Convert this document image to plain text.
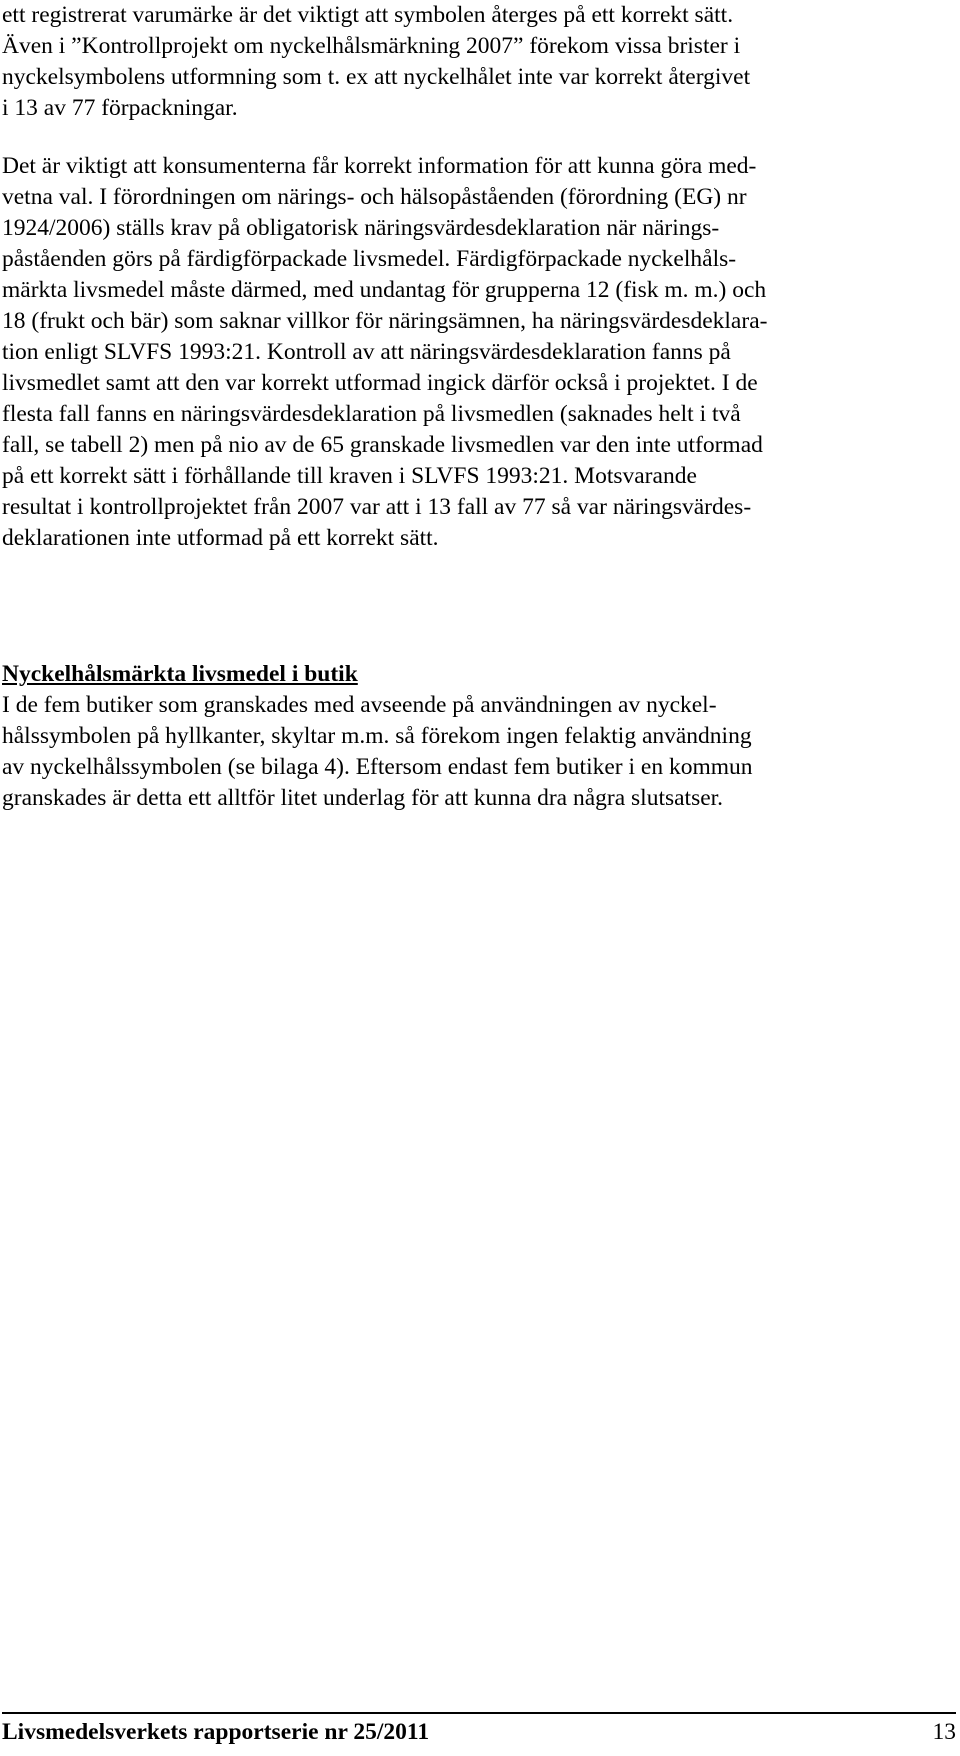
ett registrerat varumärke är det viktigt att symbolen återges på ett korrekt sätt.

Även i ”Kontrollprojekt om nyckelhålsmärkning 2007” förekom vissa brister i

nyckelsymbolens utformning som t. ex att nyckelhålet inte var korrekt återgivet

i 13 av 77 förpackningar.

Det är viktigt att konsumenterna får korrekt information för att kunna göra med-

vetna val. I förordningen om närings- och hälsopåståenden (förordning (EG) nr

1924/2006) ställs krav på obligatorisk näringsvärdesdeklaration när närings-

påståenden görs på färdigförpackade livsmedel. Färdigförpackade nyckelhåls-

märkta livsmedel måste därmed, med undantag för grupperna 12 (fisk m. m.) och

18 (frukt och bär) som saknar villkor för näringsämnen, ha näringsvärdesdeklara-

tion enligt SLVFS 1993:21. Kontroll av att näringsvärdesdeklaration fanns på

livsmedlet samt att den var korrekt utformad ingick därför också i projektet. I de

flesta fall fanns en näringsvärdesdeklaration på livsmedlen (saknades helt i två

fall, se tabell 2) men på nio av de 65 granskade livsmedlen var den inte utformad

på ett korrekt sätt i förhållande till kraven i SLVFS 1993:21. Motsvarande

resultat i kontrollprojektet från 2007 var att i 13 fall av 77 så var näringsvärdes-

deklarationen inte utformad på ett korrekt sätt.

Nyckelhålsmärkta livsmedel i butik

I de fem butiker som granskades med avseende på användningen av nyckel-

hålssymbolen på hyllkanter, skyltar m.m. så förekom ingen felaktig användning

av nyckelhålssymbolen (se bilaga 4). Eftersom endast fem butiker i en kommun

granskades är detta ett alltför litet underlag för att kunna dra några slutsatser.

Livsmedelsverkets rapportserie nr 25/2011	13
